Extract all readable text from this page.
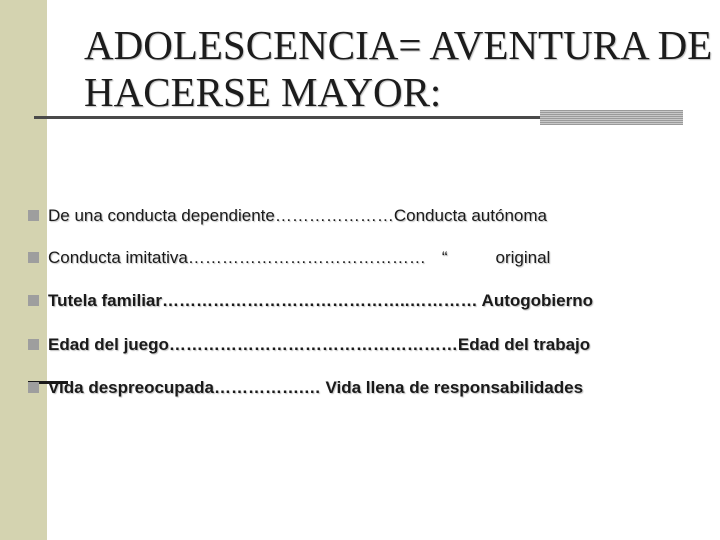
ADOLESCENCIA= AVENTURA DE
HACERSE MAYOR:
De una conducta dependiente…………………Conducta autónoma
Conducta imitativa…………………………………… “	original
Tutela familiar……………………………………..………… Autogobierno
Edad del juego……………………………………………Edad del trabajo
Vida despreocupada…………….… Vida llena de responsabilidades
